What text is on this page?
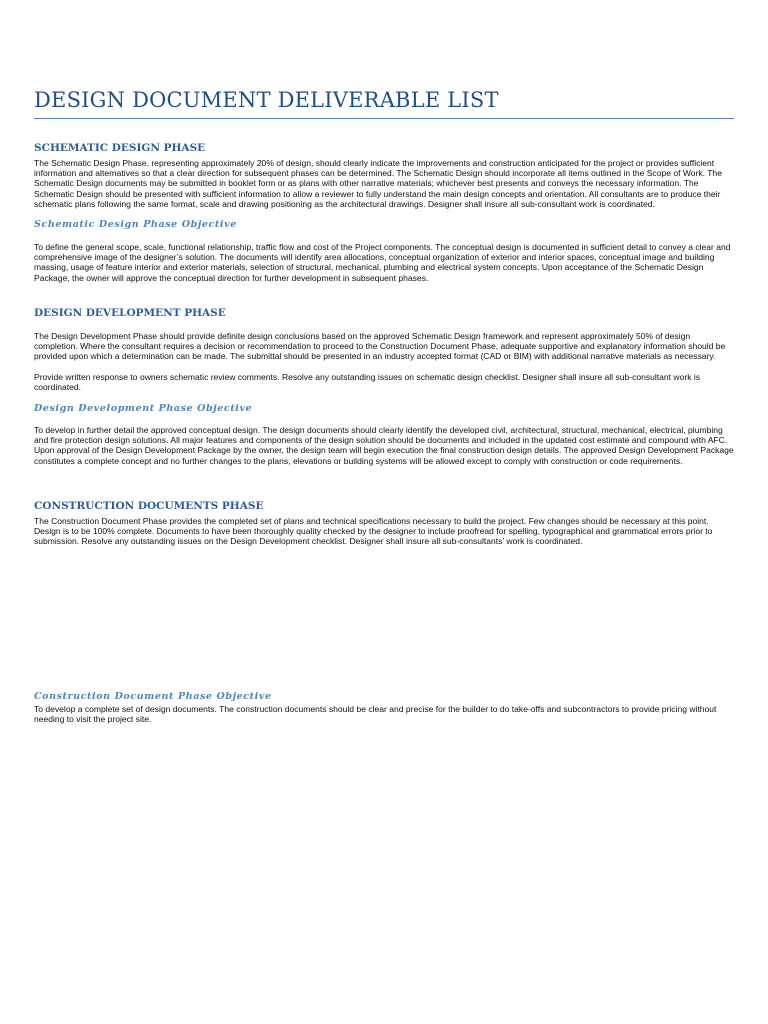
DESIGN DOCUMENT DELIVERABLE LIST
SCHEMATIC DESIGN PHASE

The Schematic Design Phase, representing approximately 20% of design, should clearly indicate the improvements and construction anticipated for the project or provides sufficient information and alternatives so that a clear direction for subsequent phases can be determined. The Schematic Design should incorporate all items outlined in the Scope of Work. The Schematic Design documents may be submitted in booklet form or as plans with other narrative materials; whichever best presents and conveys the necessary information. The Schematic Design should be presented with sufficient information to allow a reviewer to fully understand the main design concepts and orientation. All consultants are to produce their schematic plans following the same format, scale and drawing positioning as the architectural drawings. Designer shall insure all sub-consultant work is coordinated.

Schematic Design Phase Objective

To define the general scope, scale, functional relationship, traffic flow and cost of the Project components. The conceptual design is documented in sufficient detail to convey a clear and comprehensive image of the designer’s solution. The documents will identify area allocations, conceptual organization of exterior and interior spaces, conceptual image and building massing, usage of feature interior and exterior materials, selection of structural, mechanical, plumbing and electrical system concepts. Upon acceptance of the Schematic Design Package, the owner will approve the conceptual direction for further development in subsequent phases.

DESIGN DEVELOPMENT PHASE

The Design Development Phase should provide definite design conclusions based on the approved Schematic Design framework and represent approximately 50% of design completion. Where the consultant requires a decision or recommendation to proceed to the Construction Document Phase, adequate supportive and explanatory information should be provided upon which a determination can be made. The submittal should be presented in an industry accepted format (CAD or BIM) with additional narrative materials as necessary.

Provide written response to owners schematic review comments. Resolve any outstanding issues on schematic design checklist. Designer shall insure all sub-consultant work is coordinated.

Design Development Phase Objective

To develop in further detail the approved conceptual design. The design documents should clearly identify the developed civil, architectural, structural, mechanical, electrical, plumbing and fire protection design solutions. All major features and components of the design solution should be documents and included in the updated cost estimate and compound with AFC. Upon approval of the Design Development Package by the owner, the design team will begin execution the final construction design details. The approved Design Development Package constitutes a complete concept and no further changes to the plans, elevations or building systems will be allowed except to comply with construction or code requirements.

CONSTRUCTION DOCUMENTS PHASE

The Construction Document Phase provides the completed set of plans and technical specifications necessary to build the project. Few changes should be necessary at this point. Design is to be 100% complete. Documents to have been thoroughly quality checked by the designer to include proofread for spelling, typographical and grammatical errors prior to submission. Resolve any outstanding issues on the Design Development checklist. Designer shall insure all sub-consultants’ work is coordinated.

Construction Document Phase Objective

To develop a complete set of design documents. The construction documents should be clear and precise for the builder to do take-offs and subcontractors to provide pricing without needing to visit the project site.
